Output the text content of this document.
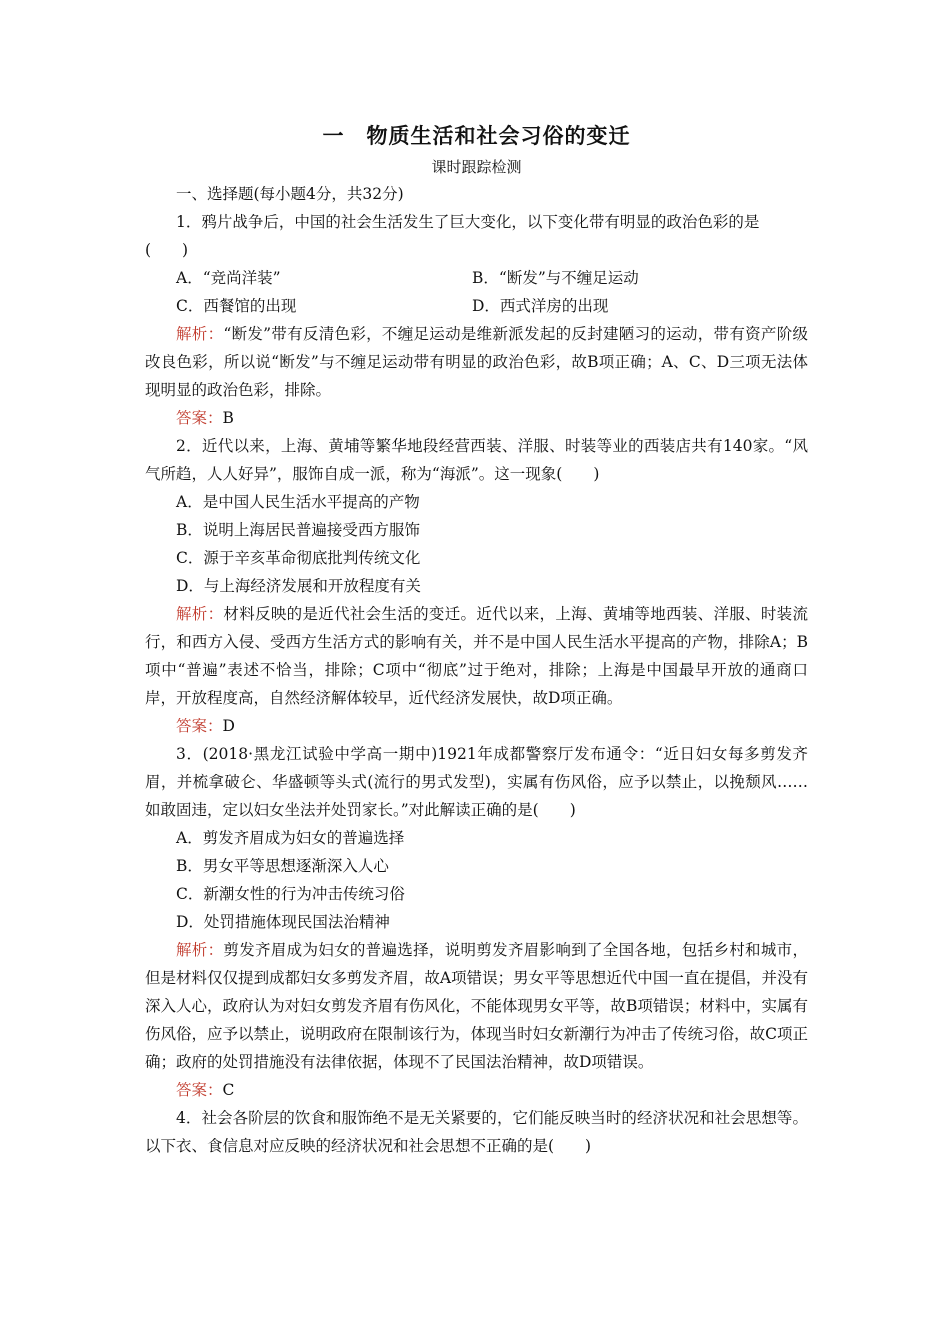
一　物质生活和社会习俗的变迁

课时跟踪检测

一、选择题(每小题4分，共32分)

1．鸦片战争后，中国的社会生活发生了巨大变化，以下变化带有明显的政治色彩的是

(　　)

A．“竞尚洋装”	B．“断发”与不缠足运动
C．西餐馆的出现	D．西式洋房的出现

解析：“断发”带有反清色彩，不缠足运动是维新派发起的反封建陋习的运动，带有资产阶级改良色彩，所以说“断发”与不缠足运动带有明显的政治色彩，故B项正确；A、C、D三项无法体现明显的政治色彩，排除。

答案：B

2．近代以来，上海、黄埔等繁华地段经营西装、洋服、时装等业的西装店共有140家。“风气所趋，人人好异”，服饰自成一派，称为“海派”。这一现象(　　)

A．是中国人民生活水平提高的产物

B．说明上海居民普遍接受西方服饰

C．源于辛亥革命彻底批判传统文化

D．与上海经济发展和开放程度有关

解析：材料反映的是近代社会生活的变迁。近代以来，上海、黄埔等地西装、洋服、时装流行，和西方入侵、受西方生活方式的影响有关，并不是中国人民生活水平提高的产物，排除A；B项中“普遍”表述不恰当，排除；C项中“彻底”过于绝对，排除；上海是中国最早开放的通商口岸，开放程度高，自然经济解体较早，近代经济发展快，故D项正确。

答案：D

3．(2018·黑龙江试验中学高一期中)1921年成都警察厅发布通令：“近日妇女每多剪发齐眉，并梳拿破仑、华盛顿等头式(流行的男式发型)，实属有伤风俗，应予以禁止，以挽颓风……如敢固违，定以妇女坐法并处罚家长。”对此解读正确的是(　　)

A．剪发齐眉成为妇女的普遍选择

B．男女平等思想逐渐深入人心

C．新潮女性的行为冲击传统习俗

D．处罚措施体现民国法治精神

解析：剪发齐眉成为妇女的普遍选择，说明剪发齐眉影响到了全国各地，包括乡村和城市，但是材料仅仅提到成都妇女多剪发齐眉，故A项错误；男女平等思想近代中国一直在提倡，并没有深入人心，政府认为对妇女剪发齐眉有伤风化，不能体现男女平等，故B项错误；材料中，实属有伤风俗，应予以禁止，说明政府在限制该行为，体现当时妇女新潮行为冲击了传统习俗，故C项正确；政府的处罚措施没有法律依据，体现不了民国法治精神，故D项错误。

答案：C

4．社会各阶层的饮食和服饰绝不是无关紧要的，它们能反映当时的经济状况和社会思想等。以下衣、食信息对应反映的经济状况和社会思想不正确的是(　　)
